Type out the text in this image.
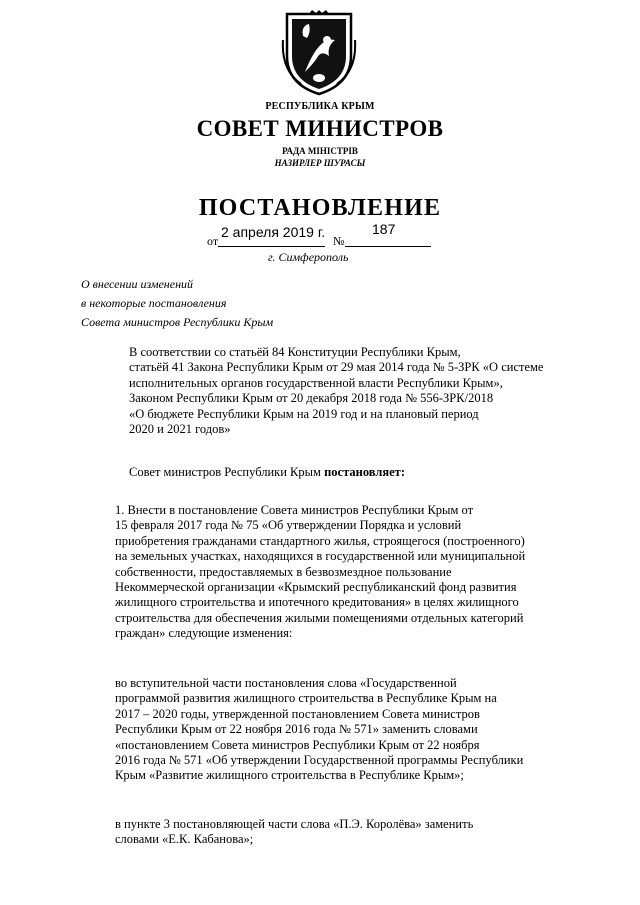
РЕСПУБЛИКА КРЫМ
СОВЕТ МИНИСТРОВ
РАДА МІНІСТРІВ
НАЗИРЛЕР ШУРАСЫ
ПОСТАНОВЛЕНИЕ
2 апреля 2019 г.	187
от	№
г. Симферополь
О внесении изменений
в некоторые постановления
Совета министров Республики Крым
В соответствии со статьёй 84 Конституции Республики Крым,
статьёй 41 Закона Республики Крым от 29 мая 2014 года № 5-ЗРК «О системе
исполнительных органов государственной власти Республики Крым»,
Законом Республики Крым от 20 декабря 2018 года № 556-ЗРК/2018
«О бюджете Республики Крым на 2019 год и на плановый период
2020 и 2021 годов»
Совет министров Республики Крым постановляет:
1. Внести в постановление Совета министров Республики Крым от
15 февраля 2017 года № 75 «Об утверждении Порядка и условий
приобретения гражданами стандартного жилья, строящегося (построенного)
на земельных участках, находящихся в государственной или муниципальной
собственности, предоставляемых в безвозмездное пользование
Некоммерческой организации «Крымский республиканский фонд развития
жилищного строительства и ипотечного кредитования» в целях жилищного
строительства для обеспечения жилыми помещениями отдельных категорий
граждан» следующие изменения:
во вступительной части постановления слова «Государственной
программой развития жилищного строительства в Республике Крым на
2017 – 2020 годы, утвержденной постановлением Совета министров
Республики Крым от 22 ноября 2016 года № 571» заменить словами
«постановлением Совета министров Республики Крым от 22 ноября
2016 года № 571 «Об утверждении Государственной программы Республики
Крым «Развитие жилищного строительства в Республике Крым»;
в пункте 3 постановляющей части слова «П.Э. Королёва» заменить
словами «Е.К. Кабанова»;
